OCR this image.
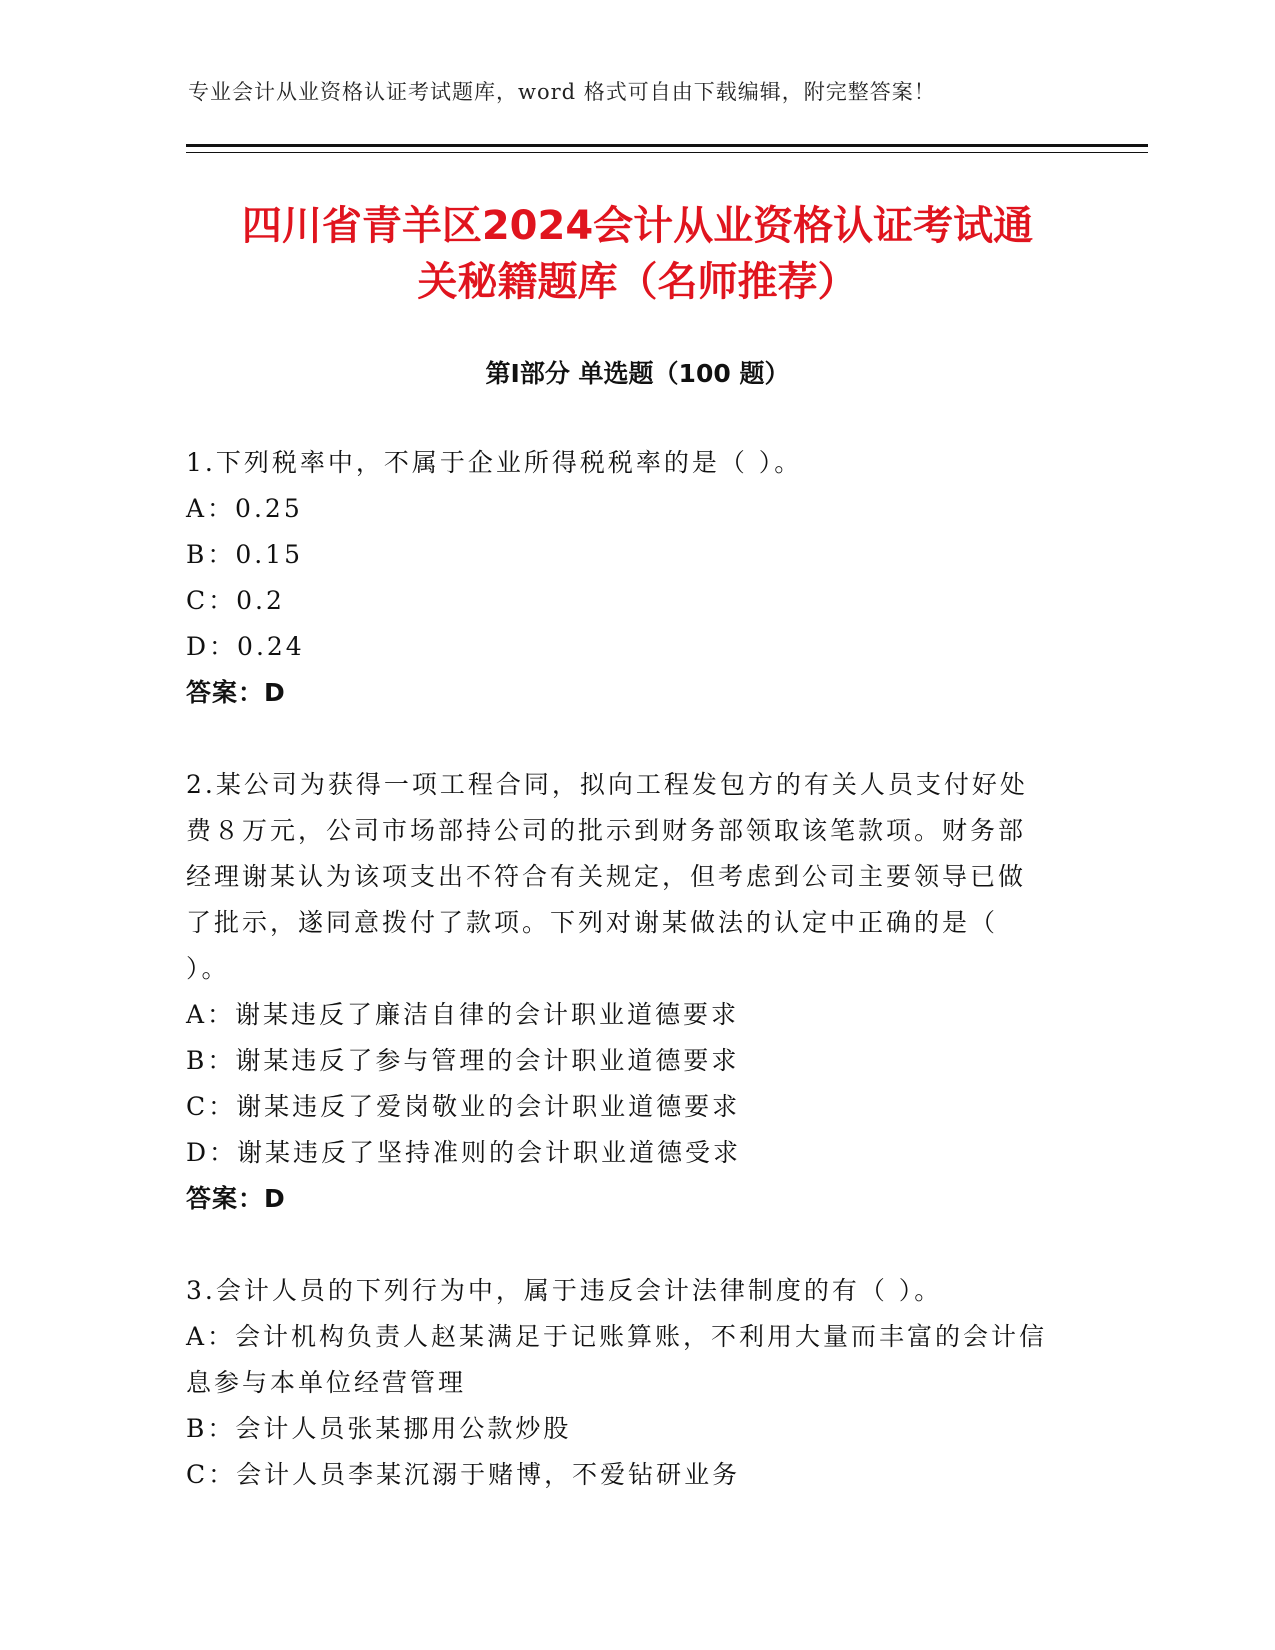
专业会计从业资格认证考试题库，word 格式可自由下载编辑，附完整答案！
四川省青羊区2024会计从业资格认证考试通
关秘籍题库（名师推荐）
第Ⅰ部分 单选题（100 题）
1.下列税率中，不属于企业所得税税率的是（ ）。
A：0.25
B：0.15
C：0.2
D：0.24
答案：D
2.某公司为获得一项工程合同，拟向工程发包方的有关人员支付好处
费８万元，公司市场部持公司的批示到财务部领取该笔款项。财务部
经理谢某认为该项支出不符合有关规定，但考虑到公司主要领导已做
了批示，遂同意拨付了款项。下列对谢某做法的认定中正确的是（
）。
A：谢某违反了廉洁自律的会计职业道德要求
B：谢某违反了参与管理的会计职业道德要求
C：谢某违反了爱岗敬业的会计职业道德要求
D：谢某违反了坚持准则的会计职业道德受求
答案：D
3.会计人员的下列行为中，属于违反会计法律制度的有（ ）。
A：会计机构负责人赵某满足于记账算账，不利用大量而丰富的会计信
息参与本单位经营管理
B：会计人员张某挪用公款炒股
C：会计人员李某沉溺于赌博，不爱钻研业务
